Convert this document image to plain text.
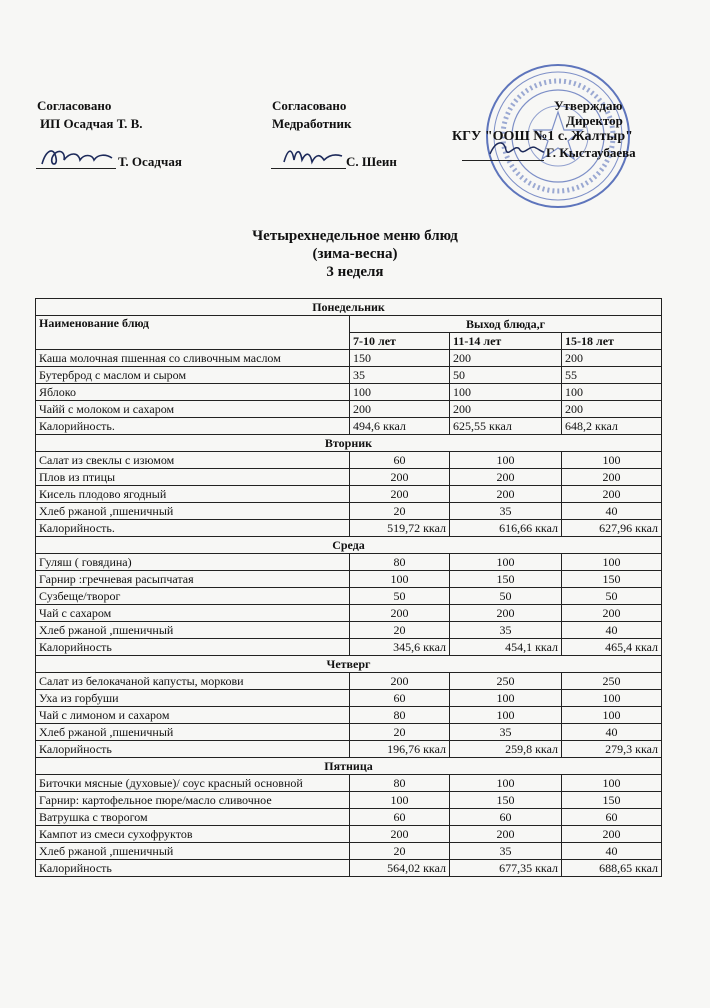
Согласовано
ИП Осадчая Т. В.
Т. Осадчая
Согласовано
Медработник
С. Шеин
Утверждаю
Директор
КГУ "ООШ №1 с. Жалтыр"
Г. Кыстаубаева
Четырехнедельное меню блюд
(зима-весна)
3 неделя
Понедельник			
Наименование блюд	Выход блюда,г		
	7-10 лет	11-14 лет	15-18 лет
Каша молочная пшенная со сливочным маслом	150	200	200
Бутерброд с маслом и сыром	35	50	55
Яблоко	100	100	100
Чайй с молоком и сахаром	200	200	200
Калорийность.	494,6 ккал	625,55 ккал	648,2 ккал
Вторник			
Салат из свеклы с изюмом	60	100	100
Плов из птицы	200	200	200
Кисель плодово ягодный	200	200	200
Хлеб ржаной ,пшеничный	20	35	40
Калорийность.	519,72 ккал	616,66 ккал	627,96 ккал
Среда			
Гуляш ( говядина)	80	100	100
Гарнир :гречневая расыпчатая	100	150	150
Сузбеще/творог	50	50	50
Чай с сахаром	200	200	200
Хлеб ржаной ,пшеничный	20	35	40
Калорийность	345,6 ккал	454,1 ккал	465,4 ккал
Четверг			
Салат из белокачаной капусты, моркови	200	250	250
Уха из горбуши	60	100	100
Чай с лимоном и сахаром	80	100	100
Хлеб ржаной ,пшеничный	20	35	40
Калорийность	196,76 ккал	259,8 ккал	279,3 ккал
Пятница			
Биточки мясные (духовые)/ соус красный основной	80	100	100
Гарнир: картофельное пюре/масло сливочное	100	150	150
Ватрушка с творогом	60	60	60
Кампот из смеси сухофруктов	200	200	200
Хлеб ржаной ,пшеничный	20	35	40
Калорийность	564,02 ккал	677,35 ккал	688,65 ккал
